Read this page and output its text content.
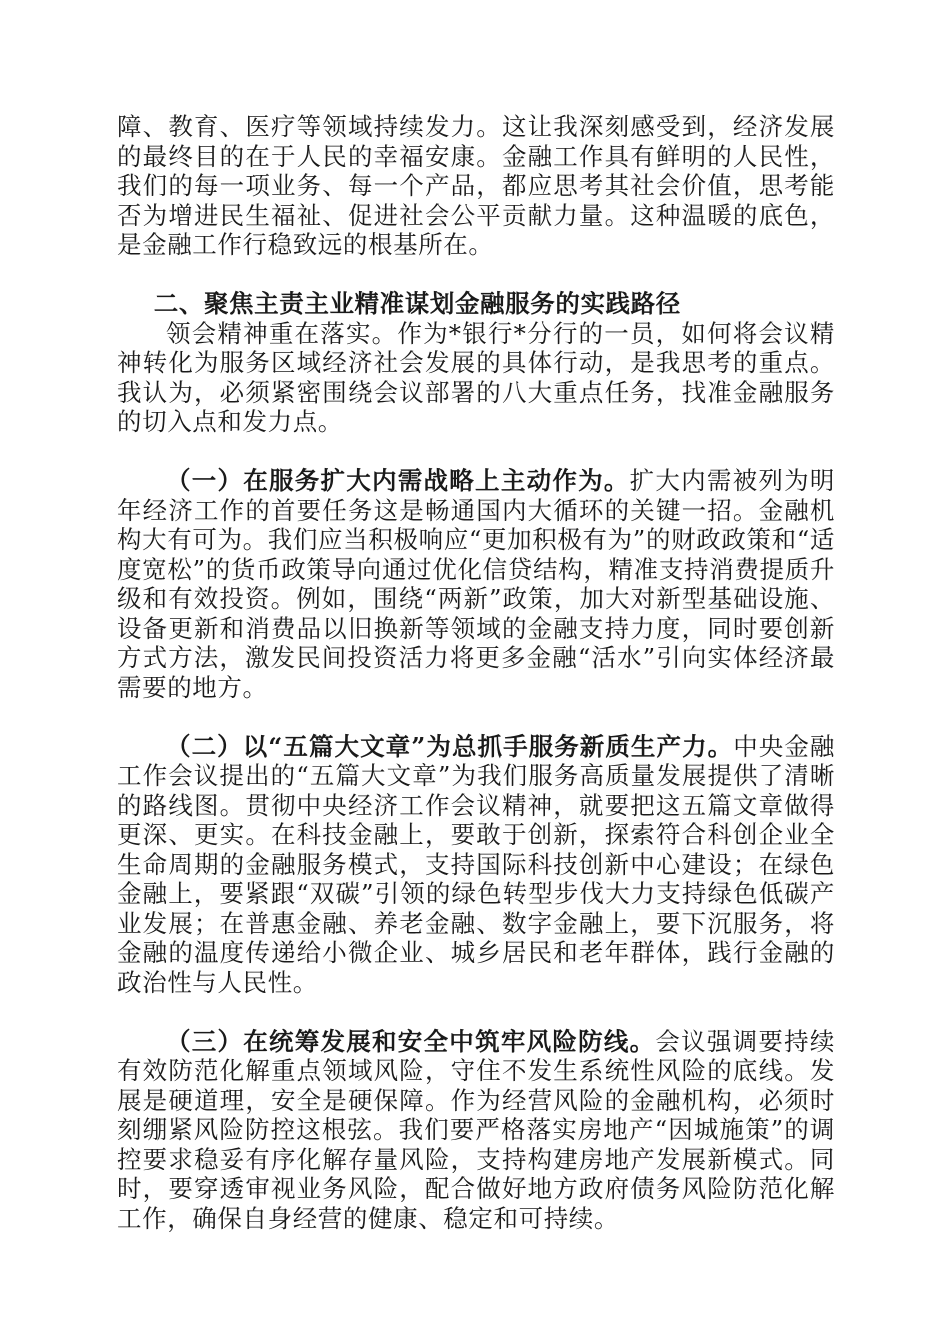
障、教育、医疗等领域持续发力。这让我深刻感受到，经济发展的最终目的在于人民的幸福安康。金融工作具有鲜明的人民性，我们的每一项业务、每一个产品，都应思考其社会价值，思考能否为增进民生福祉、促进社会公平贡献力量。这种温暖的底色，是金融工作行稳致远的根基所在。

二、聚焦主责主业精准谋划金融服务的实践路径

领会精神重在落实。作为*银行*分行的一员，如何将会议精神转化为服务区域经济社会发展的具体行动，是我思考的重点。我认为，必须紧密围绕会议部署的八大重点任务，找准金融服务的切入点和发力点。

（一）在服务扩大内需战略上主动作为。扩大内需被列为明年经济工作的首要任务这是畅通国内大循环的关键一招。金融机构大有可为。我们应当积极响应“更加积极有为”的财政政策和“适度宽松”的货币政策导向通过优化信贷结构，精准支持消费提质升级和有效投资。例如，围绕“两新”政策，加大对新型基础设施、设备更新和消费品以旧换新等领域的金融支持力度，同时要创新方式方法，激发民间投资活力将更多金融“活水”引向实体经济最需要的地方。

（二）以“五篇大文章”为总抓手服务新质生产力。中央金融工作会议提出的“五篇大文章”为我们服务高质量发展提供了清晰的路线图。贯彻中央经济工作会议精神，就要把这五篇文章做得更深、更实。在科技金融上，要敢于创新，探索符合科创企业全生命周期的金融服务模式，支持国际科技创新中心建设；在绿色金融上，要紧跟“双碳”引领的绿色转型步伐大力支持绿色低碳产业发展；在普惠金融、养老金融、数字金融上，要下沉服务，将金融的温度传递给小微企业、城乡居民和老年群体，践行金融的政治性与人民性。

（三）在统筹发展和安全中筑牢风险防线。会议强调要持续有效防范化解重点领域风险，守住不发生系统性风险的底线。发展是硬道理，安全是硬保障。作为经营风险的金融机构，必须时刻绷紧风险防控这根弦。我们要严格落实房地产“因城施策”的调控要求稳妥有序化解存量风险，支持构建房地产发展新模式。同时，要穿透审视业务风险，配合做好地方政府债务风险防范化解工作，确保自身经营的健康、稳定和可持续。
